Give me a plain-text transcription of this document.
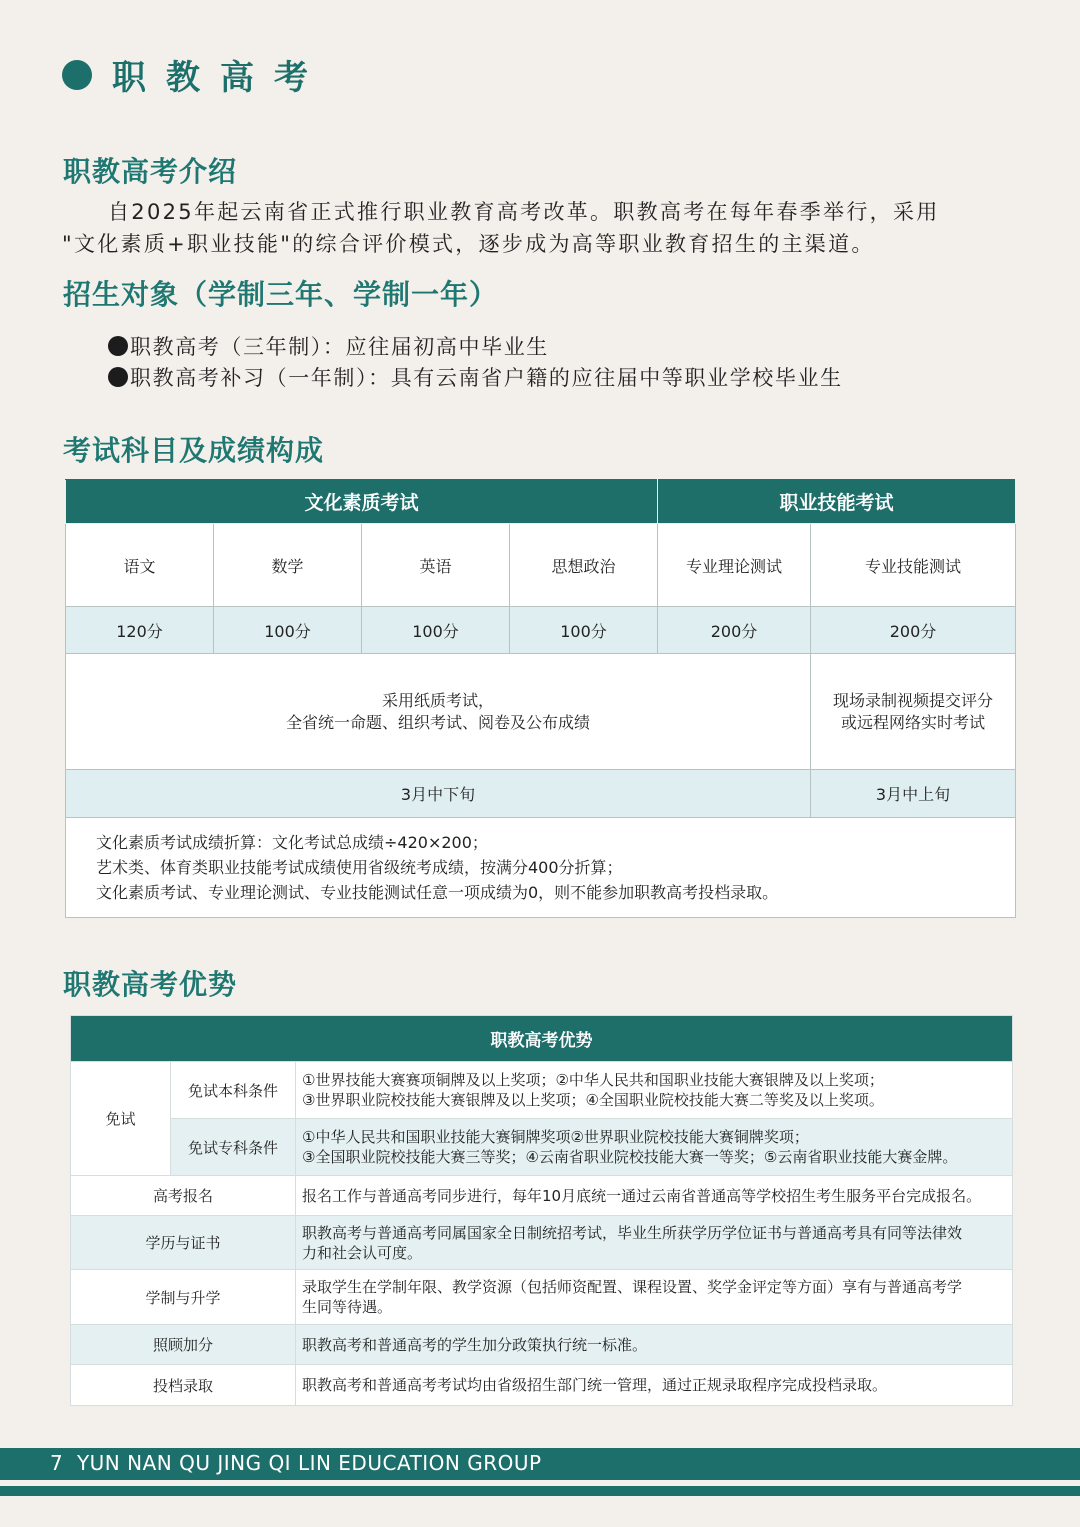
职教高考
职教高考介绍

自2025年起云南省正式推行职业教育高考改革。职教高考在每年春季举行，采用
"文化素质+职业技能"的综合评价模式，逐步成为高等职业教育招生的主渠道。

招生对象（学制三年、学制一年）
职教高考（三年制）：应往届初高中毕业生
职教高考补习（一年制）：具有云南省户籍的应往届中等职业学校毕业生
考试科目及成绩构成
文化素质考试				职业技能考试	
语文	数学	英语	思想政治	专业理论测试	专业技能测试
120分	100分	100分	100分	200分	200分

采用纸质考试，
全省统一命题、组织考试、阅卷及公布成绩					现场录制视频提交评分
或远程网络实时考试

3月中下旬					3月中上旬

文化素质考试成绩折算：文化考试总成绩÷420×200；
艺术类、体育类职业技能考试成绩使用省级统考成绩，按满分400分折算；
文化素质考试、专业理论测试、专业技能测试任意一项成绩为0，则不能参加职教高考投档录取。					
职教高考优势
职教高考优势		
免试	免试本科条件	①世界技能大赛赛项铜牌及以上奖项；②中华人民共和国职业技能大赛银牌及以上奖项；
③世界职业院校技能大赛银牌及以上奖项；④全国职业院校技能大赛二等奖及以上奖项。

	免试专科条件	①中华人民共和国职业技能大赛铜牌奖项②世界职业院校技能大赛铜牌奖项；
③全国职业院校技能大赛三等奖；④云南省职业院校技能大赛一等奖；⑤云南省职业技能大赛金牌。

高考报名		报名工作与普通高考同步进行，每年10月底统一通过云南省普通高等学校招生考生服务平台完成报名。

学历与证书		职教高考与普通高考同属国家全日制统招考试，毕业生所获学历学位证书与普通高考具有同等法律效
力和社会认可度。

学制与升学		录取学生在学制年限、教学资源（包括师资配置、课程设置、奖学金评定等方面）享有与普通高考学
生同等待遇。

照顾加分		职教高考和普通高考的学生加分政策执行统一标准。

投档录取		职教高考和普通高考考试均由省级招生部门统一管理，通过正规录取程序完成投档录取。
7 YUN NAN QU JING QI LIN EDUCATION GROUP
